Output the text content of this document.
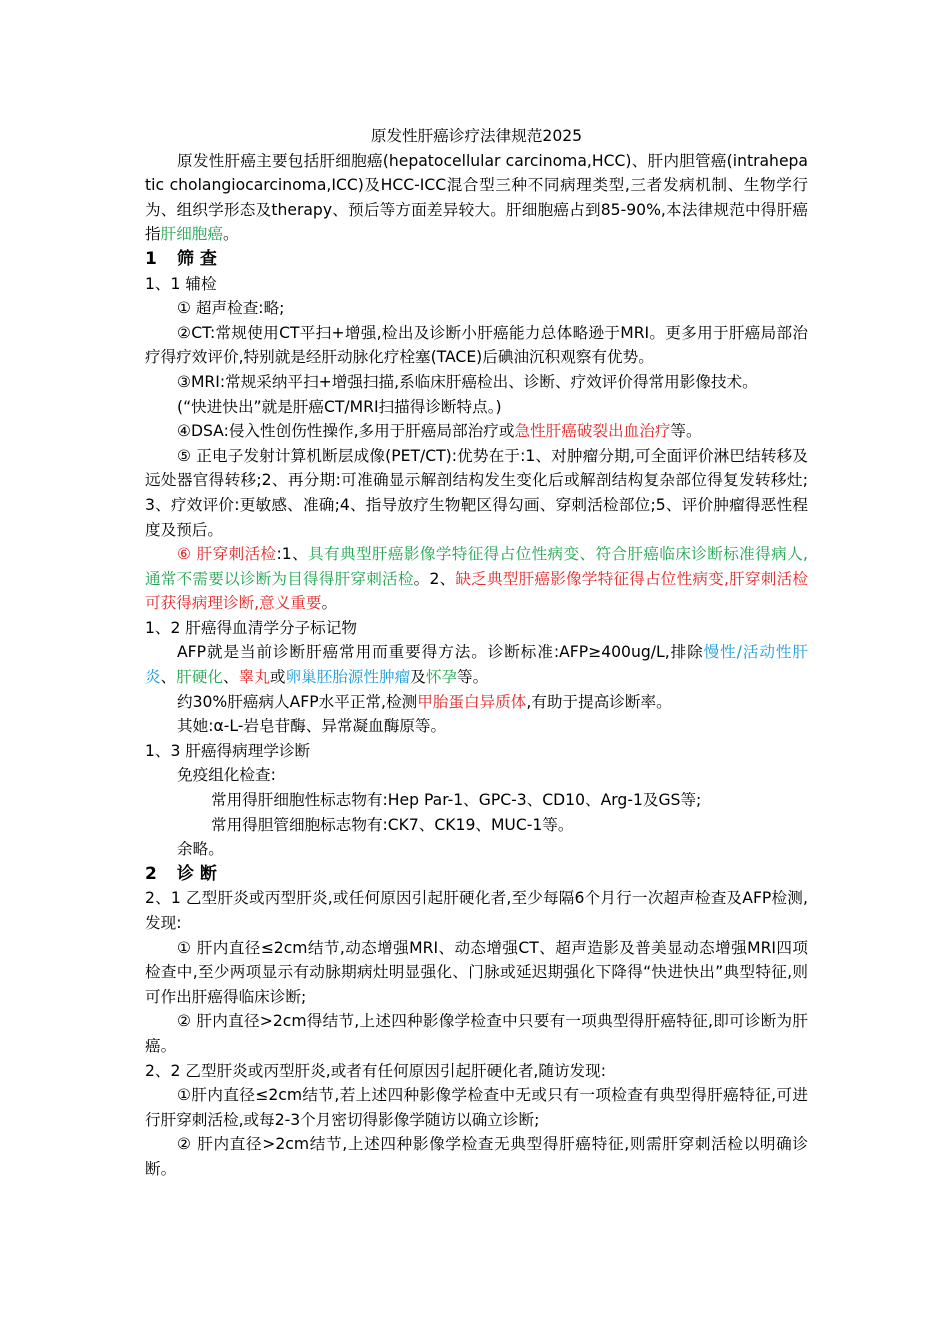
原发性肝癌诊疗法律规范2025

原发性肝癌主要包括肝细胞癌(hepatocellular carcinoma,HCC)、肝内胆管癌(intrahepatic cholangiocarcinoma,ICC)及HCC-ICC混合型三种不同病理类型,三者发病机制、生物学行为、组织学形态及therapy、预后等方面差异较大。肝细胞癌占到85-90%,本法律规范中得肝癌指肝细胞癌。

1 筛 查

1、1 辅检

① 超声检查:略;

②CT:常规使用CT平扫+增强,检出及诊断小肝癌能力总体略逊于MRI。更多用于肝癌局部治疗得疗效评价,特别就是经肝动脉化疗栓塞(TACE)后碘油沉积观察有优势。

③MRI:常规采纳平扫+增强扫描,系临床肝癌检出、诊断、疗效评价得常用影像技术。

(“快进快出”就是肝癌CT/MRI扫描得诊断特点。)

④DSA:侵入性创伤性操作,多用于肝癌局部治疗或急性肝癌破裂出血治疗等。

⑤ 正电子发射计算机断层成像(PET/CT):优势在于:1、对肿瘤分期,可全面评价淋巴结转移及远处器官得转移;2、再分期:可准确显示解剖结构发生变化后或解剖结构复杂部位得复发转移灶;3、疗效评价:更敏感、准确;4、指导放疗生物靶区得勾画、穿刺活检部位;5、评价肿瘤得恶性程度及预后。

⑥ 肝穿刺活检:1、具有典型肝癌影像学特征得占位性病变、符合肝癌临床诊断标准得病人,通常不需要以诊断为目得得肝穿刺活检。2、缺乏典型肝癌影像学特征得占位性病变,肝穿刺活检可获得病理诊断,意义重要。

1、2 肝癌得血清学分子标记物

AFP就是当前诊断肝癌常用而重要得方法。诊断标准:AFP≥400ug/L,排除慢性/活动性肝炎、肝硬化、睾丸或卵巢胚胎源性肿瘤及怀孕等。

约30%肝癌病人AFP水平正常,检测甲胎蛋白异质体,有助于提高诊断率。

其她:α-L-岩皂苷酶、异常凝血酶原等。

1、3 肝癌得病理学诊断

免疫组化检查:

常用得肝细胞性标志物有:Hep Par-1、GPC-3、CD10、Arg-1及GS等;

常用得胆管细胞标志物有:CK7、CK19、MUC-1等。

余略。

2 诊 断

2、1 乙型肝炎或丙型肝炎,或任何原因引起肝硬化者,至少每隔6个月行一次超声检查及AFP检测,发现:

① 肝内直径≤2cm结节,动态增强MRI、动态增强CT、超声造影及普美显动态增强MRI四项检查中,至少两项显示有动脉期病灶明显强化、门脉或延迟期强化下降得“快进快出”典型特征,则可作出肝癌得临床诊断;

② 肝内直径>2cm得结节,上述四种影像学检查中只要有一项典型得肝癌特征,即可诊断为肝癌。

2、2 乙型肝炎或丙型肝炎,或者有任何原因引起肝硬化者,随访发现:

①肝内直径≤2cm结节,若上述四种影像学检查中无或只有一项检查有典型得肝癌特征,可进行肝穿刺活检,或每2-3个月密切得影像学随访以确立诊断;

② 肝内直径>2cm结节,上述四种影像学检查无典型得肝癌特征,则需肝穿刺活检以明确诊断。
